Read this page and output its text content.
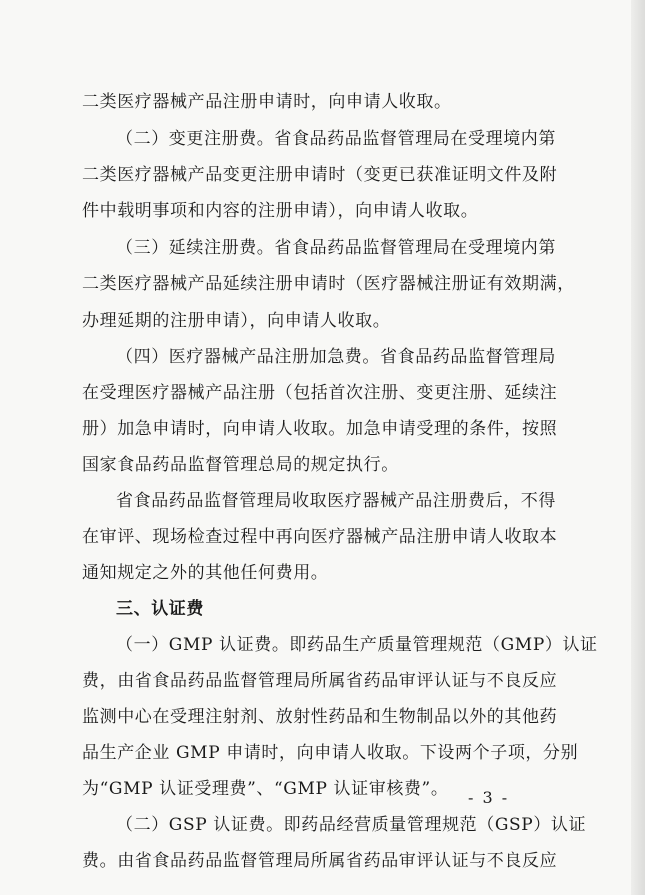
二类医疗器械产品注册申请时，向申请人收取。
（二）变更注册费。省食品药品监督管理局在受理境内第
二类医疗器械产品变更注册申请时（变更已获准证明文件及附
件中载明事项和内容的注册申请），向申请人收取。
（三）延续注册费。省食品药品监督管理局在受理境内第
二类医疗器械产品延续注册申请时（医疗器械注册证有效期满，
办理延期的注册申请），向申请人收取。
（四）医疗器械产品注册加急费。省食品药品监督管理局
在受理医疗器械产品注册（包括首次注册、变更注册、延续注
册）加急申请时，向申请人收取。加急申请受理的条件，按照
国家食品药品监督管理总局的规定执行。
省食品药品监督管理局收取医疗器械产品注册费后，不得
在审评、现场检查过程中再向医疗器械产品注册申请人收取本
通知规定之外的其他任何费用。
三、认证费
（一）GMP 认证费。即药品生产质量管理规范（GMP）认证
费，由省食品药品监督管理局所属省药品审评认证与不良反应
监测中心在受理注射剂、放射性药品和生物制品以外的其他药
品生产企业 GMP 申请时，向申请人收取。下设两个子项，分别
为“GMP 认证受理费”、“GMP 认证审核费”。
（二）GSP 认证费。即药品经营质量管理规范（GSP）认证
费。由省食品药品监督管理局所属省药品审评认证与不良反应
- 3 -
